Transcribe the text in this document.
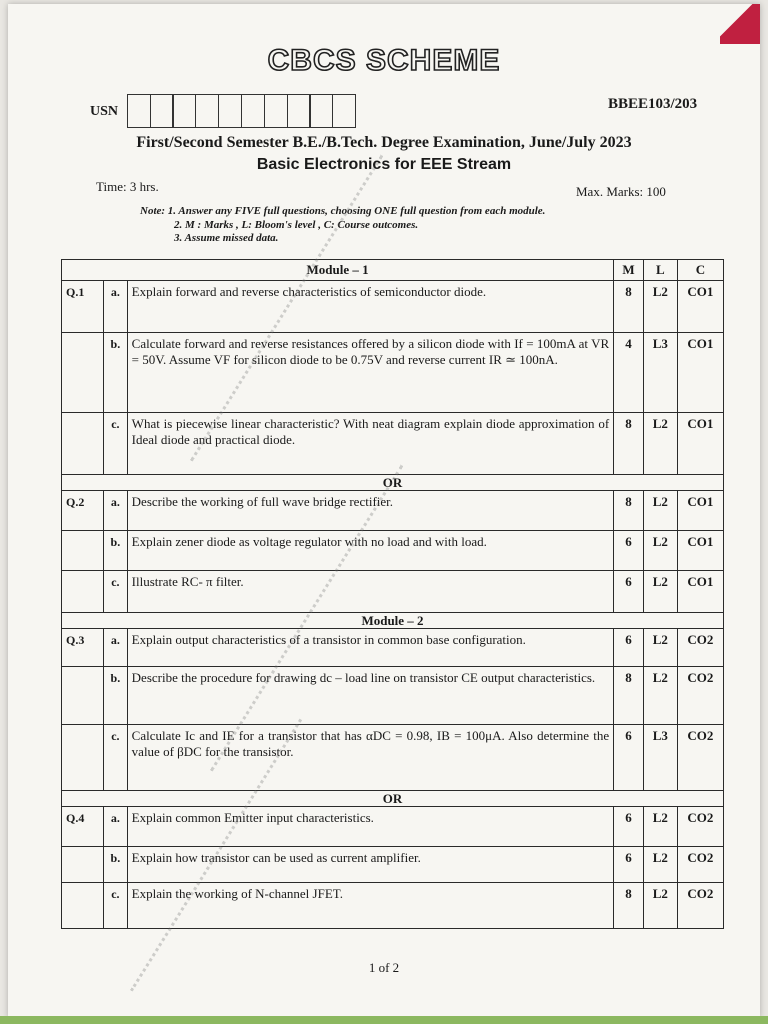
CBCS SCHEME
USN	BBEE103/203
First/Second Semester B.E./B.Tech. Degree Examination, June/July 2023
Basic Electronics for EEE Stream
Time: 3 hrs.	Max. Marks: 100
Note: 1. Answer any FIVE full questions, choosing ONE full question from each module.
2. M : Marks , L: Bloom's level , C: Course outcomes.
3. Assume missed data.
Module – 1			M	L	C
Q.1	a.	Explain forward and reverse characteristics of semiconductor diode.	8	L2	CO1
	b.	Calculate forward and reverse resistances offered by a silicon diode with If = 100mA at VR = 50V. Assume VF for silicon diode to be 0.75V and reverse current IR ≃ 100nA.	4	L3	CO1
	c.	What is piecewise linear characteristic? With neat diagram explain diode approximation of Ideal diode and practical diode.	8	L2	CO1
OR					
Q.2	a.	Describe the working of full wave bridge rectifier.	8	L2	CO1
	b.	Explain zener diode as voltage regulator with no load and with load.	6	L2	CO1
	c.	Illustrate RC- π filter.	6	L2	CO1
Module – 2					
Q.3	a.	Explain output characteristics of a transistor in common base configuration.	6	L2	CO2
	b.	Describe the procedure for drawing dc – load line on transistor CE output characteristics.	8	L2	CO2
	c.	Calculate Ic and IE for a transistor that has αDC = 0.98, IB = 100μA. Also determine the value of βDC for the transistor.	6	L3	CO2
OR					
Q.4	a.	Explain common Emitter input characteristics.	6	L2	CO2
	b.	Explain how transistor can be used as current amplifier.	6	L2	CO2
	c.	Explain the working of N-channel JFET.	8	L2	CO2
1 of 2
